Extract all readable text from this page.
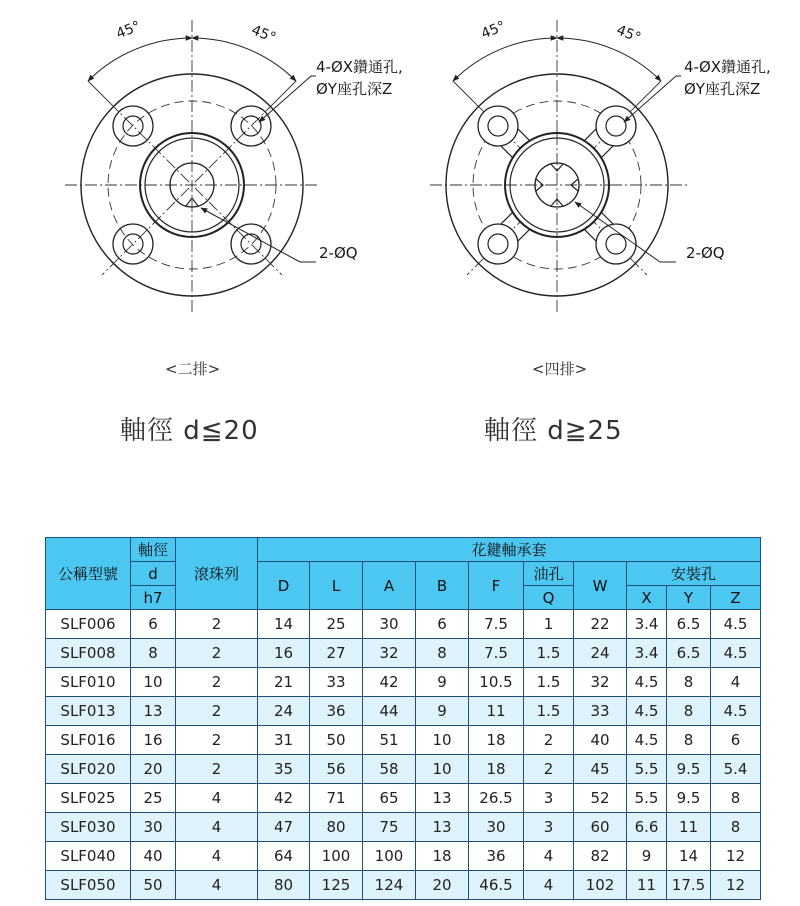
45°	45°
4-ØX鑽通孔,
ØY座孔深Z
2-ØQ
45°	45°
4-ØX鑽通孔,
ØY座孔深Z
2-ØQ
<二排>	<四排>
軸徑 d≦20	軸徑 d≧25
公稱型號	軸徑	滾珠列	花鍵軸承套									
	d		D	L	A	B	F	油孔	W	安裝孔		
	h7							Q		X	Y	Z
SLF006	6	2	14	25	30	6	7.5	1	22	3.4	6.5	4.5
SLF008	8	2	16	27	32	8	7.5	1.5	24	3.4	6.5	4.5
SLF010	10	2	21	33	42	9	10.5	1.5	32	4.5	8	4
SLF013	13	2	24	36	44	9	11	1.5	33	4.5	8	4.5
SLF016	16	2	31	50	51	10	18	2	40	4.5	8	6
SLF020	20	2	35	56	58	10	18	2	45	5.5	9.5	5.4
SLF025	25	4	42	71	65	13	26.5	3	52	5.5	9.5	8
SLF030	30	4	47	80	75	13	30	3	60	6.6	11	8
SLF040	40	4	64	100	100	18	36	4	82	9	14	12
SLF050	50	4	80	125	124	20	46.5	4	102	11	17.5	12
